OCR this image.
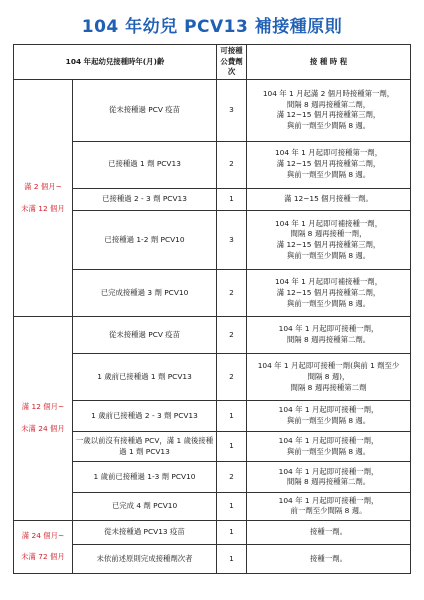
104 年幼兒 PCV13 補接種原則
104 年起幼兒接種時年(月)齡		可接種
公費劑次	接 種 時 程

滿 2 個月~
未滿 12 個月	從未接種過 PCV 疫苗	3	104 年 1 月起滿 2 個月時接種第一劑，
間隔 8 週再接種第二劑，
滿 12~15 個月再接種第三劑，
與前一劑至少間隔 8 週。

	已接種過 1 劑 PCV13	2	104 年 1 月起即可接種第一劑，
滿 12~15 個月再接種第二劑，
與前一劑至少間隔 8 週。

	已接種過 2 - 3 劑 PCV13	1	滿 12~15 個月接種一劑。

	已接種過 1-2 劑 PCV10	3	104 年 1 月起即可補接種一劑，
間隔 8 週再接種一劑，
滿 12~15 個月再接種第三劑，
與前一劑至少間隔 8 週。

	已完成接種過 3 劑 PCV10	2	104 年 1 月起即可補接種一劑，
滿 12~15 個月再接種第二劑，
與前一劑至少間隔 8 週。

滿 12 個月~
未滿 24 個月	從未接種過 PCV 疫苗	2	104 年 1 月起即可接種一劑，
間隔 8 週再接種第二劑。

	1 歲前已接種過 1 劑 PCV13	2	104 年 1 月起即可接種一劑(與前 1 劑至少
間隔 8 週)，
間隔 8 週再接種第二劑

	1 歲前已接種過 2 - 3 劑 PCV13	1	104 年 1 月起即可接種一劑，
與前一劑至少間隔 8 週。

	一歲以前沒有接種過 PCV，滿 1 歲後接種過 1 劑 PCV13	1	104 年 1 月起即可接種一劑，
與前一劑至少間隔 8 週。

	1 歲前已接種過 1-3 劑 PCV10	2	104 年 1 月起即可接種一劑，
間隔 8 週再接種第二劑。

	已完成 4 劑 PCV10	1	104 年 1 月起即可接種一劑，
前一劑至少間隔 8 週。

滿 24 個月~
未滿 72 個月	從未接種過 PCV13 疫苗	1	接種一劑。

	未依前述原則完成接種劑次者	1	接種一劑。
